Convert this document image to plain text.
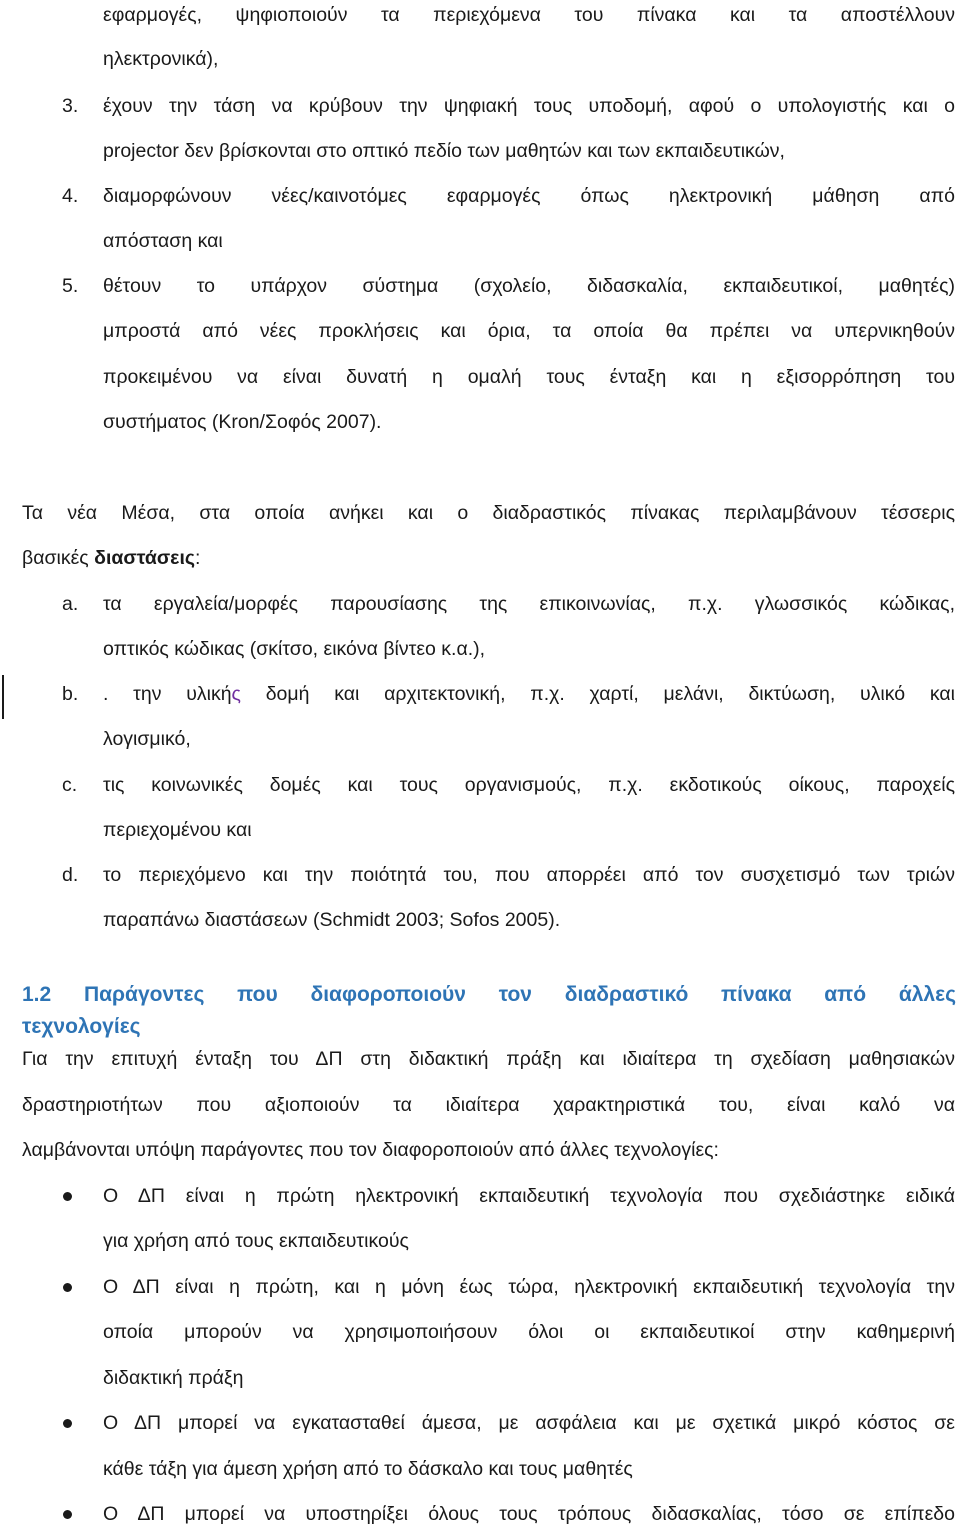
εφαρμογές, ψηφιοποιούν τα περιεχόμενα του πίνακα και τα αποστέλλουν
ηλεκτρονικά),
3. έχουν την τάση να κρύβουν την ψηφιακή τους υποδομή, αφού ο υπολογιστής και ο
projector δεν βρίσκονται στο οπτικό πεδίο των μαθητών και των εκπαιδευτικών,
4. διαμορφώνουν νέες/καινοτόμες εφαρμογές όπως ηλεκτρονική μάθηση από
απόσταση και
5. θέτουν το υπάρχον σύστημα (σχολείο, διδασκαλία, εκπαιδευτικοί, μαθητές)
μπροστά από νέες προκλήσεις και όρια, τα οποία θα πρέπει να υπερνικηθούν
προκειμένου να είναι δυνατή η ομαλή τους ένταξη και η εξισορρόπηση του
συστήματος (Kron/Σοφός 2007).
Τα νέα Μέσα, στα οποία ανήκει και ο διαδραστικός πίνακας περιλαμβάνουν τέσσερις
βασικές διαστάσεις:
a. τα εργαλεία/μορφές παρουσίασης της επικοινωνίας, π.χ. γλωσσικός κώδικας,
οπτικός κώδικας (σκίτσο, εικόνα βίντεο κ.α.),
b. . την υλικής δομή και αρχιτεκτονική, π.χ. χαρτί, μελάνι, δικτύωση, υλικό και
λογισμικό,
c. τις κοινωνικές δομές και τους οργανισμούς, π.χ. εκδοτικούς οίκους, παροχείς
περιεχομένου και
d. το περιεχόμενο και την ποιότητά του, που απορρέει από τον συσχετισμό των τριών
παραπάνω διαστάσεων (Schmidt 2003; Sofos 2005).
1.2 Παράγοντες που διαφοροποιούν τον διαδραστικό πίνακα από άλλες
τεχνολογίες
Για την επιτυχή ένταξη του ΔΠ στη διδακτική πράξη και ιδιαίτερα τη σχεδίαση μαθησιακών
δραστηριοτήτων που αξιοποιούν τα ιδιαίτερα χαρακτηριστικά του, είναι καλό να
λαμβάνονται υπόψη παράγοντες που τον διαφοροποιούν από άλλες τεχνολογίες:
Ο ΔΠ είναι η πρώτη ηλεκτρονική εκπαιδευτική τεχνολογία που σχεδιάστηκε ειδικά
για χρήση από τους εκπαιδευτικούς
Ο ΔΠ είναι η πρώτη, και η μόνη έως τώρα, ηλεκτρονική εκπαιδευτική τεχνολογία την
οποία μπορούν να χρησιμοποιήσουν όλοι οι εκπαιδευτικοί στην καθημερινή
διδακτική πράξη
Ο ΔΠ μπορεί να εγκατασταθεί άμεσα, με ασφάλεια και με σχετικά μικρό κόστος σε
κάθε τάξη για άμεση χρήση από το δάσκαλο και τους μαθητές
Ο ΔΠ μπορεί να υποστηρίξει όλους τους τρόπους διδασκαλίας, τόσο σε επίπεδο
